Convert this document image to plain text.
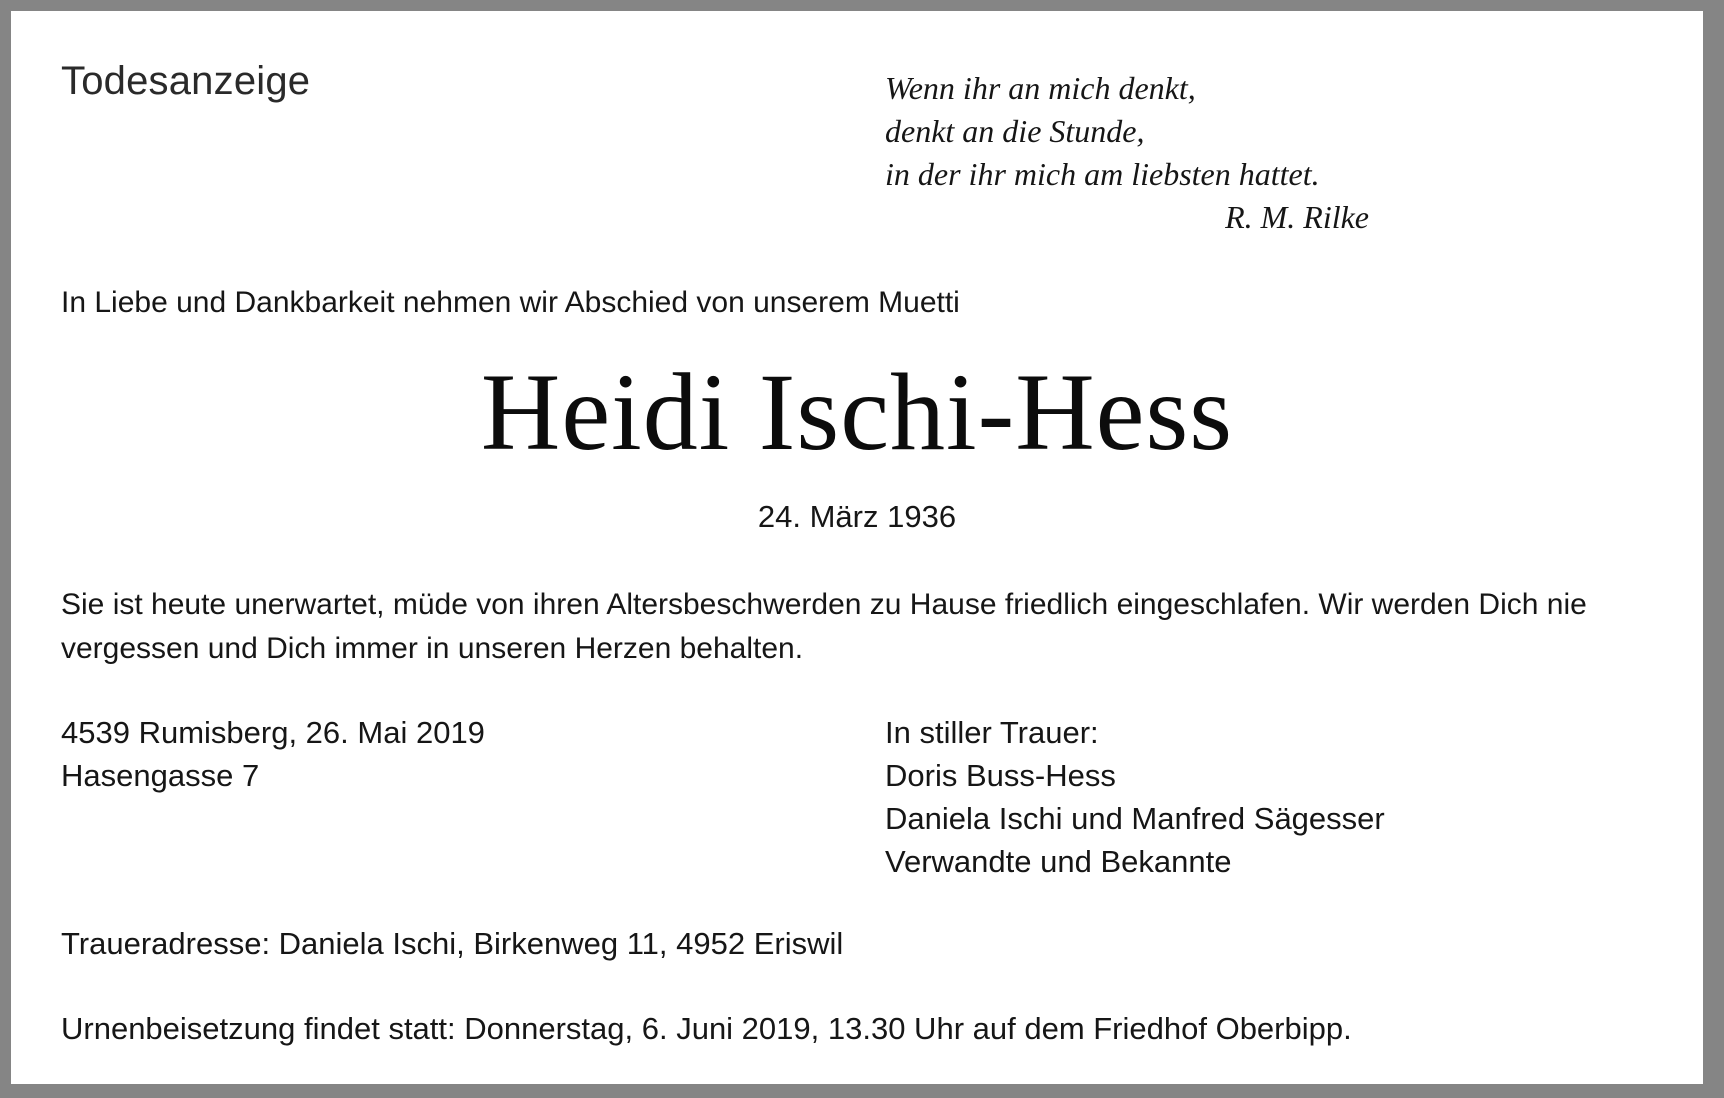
Todesanzeige	Wenn ihr an mich denkt,
denkt an die Stunde,
in der ihr mich am liebsten hattet.
R. M. Rilke
In Liebe und Dankbarkeit nehmen wir Abschied von unserem Muetti
Heidi Ischi-Hess
24. März 1936
Sie ist heute unerwartet, müde von ihren Altersbeschwerden zu Hause friedlich eingeschlafen. Wir werden Dich nie vergessen und Dich immer in unseren Herzen behalten.
4539 Rumisberg, 26. Mai 2019
Hasengasse 7
In stiller Trauer:
Doris Buss-Hess
Daniela Ischi und Manfred Sägesser
Verwandte und Bekannte
Traueradresse: Daniela Ischi, Birkenweg 11, 4952 Eriswil
Urnenbeisetzung findet statt: Donnerstag, 6. Juni 2019, 13.30 Uhr auf dem Friedhof Oberbipp.
